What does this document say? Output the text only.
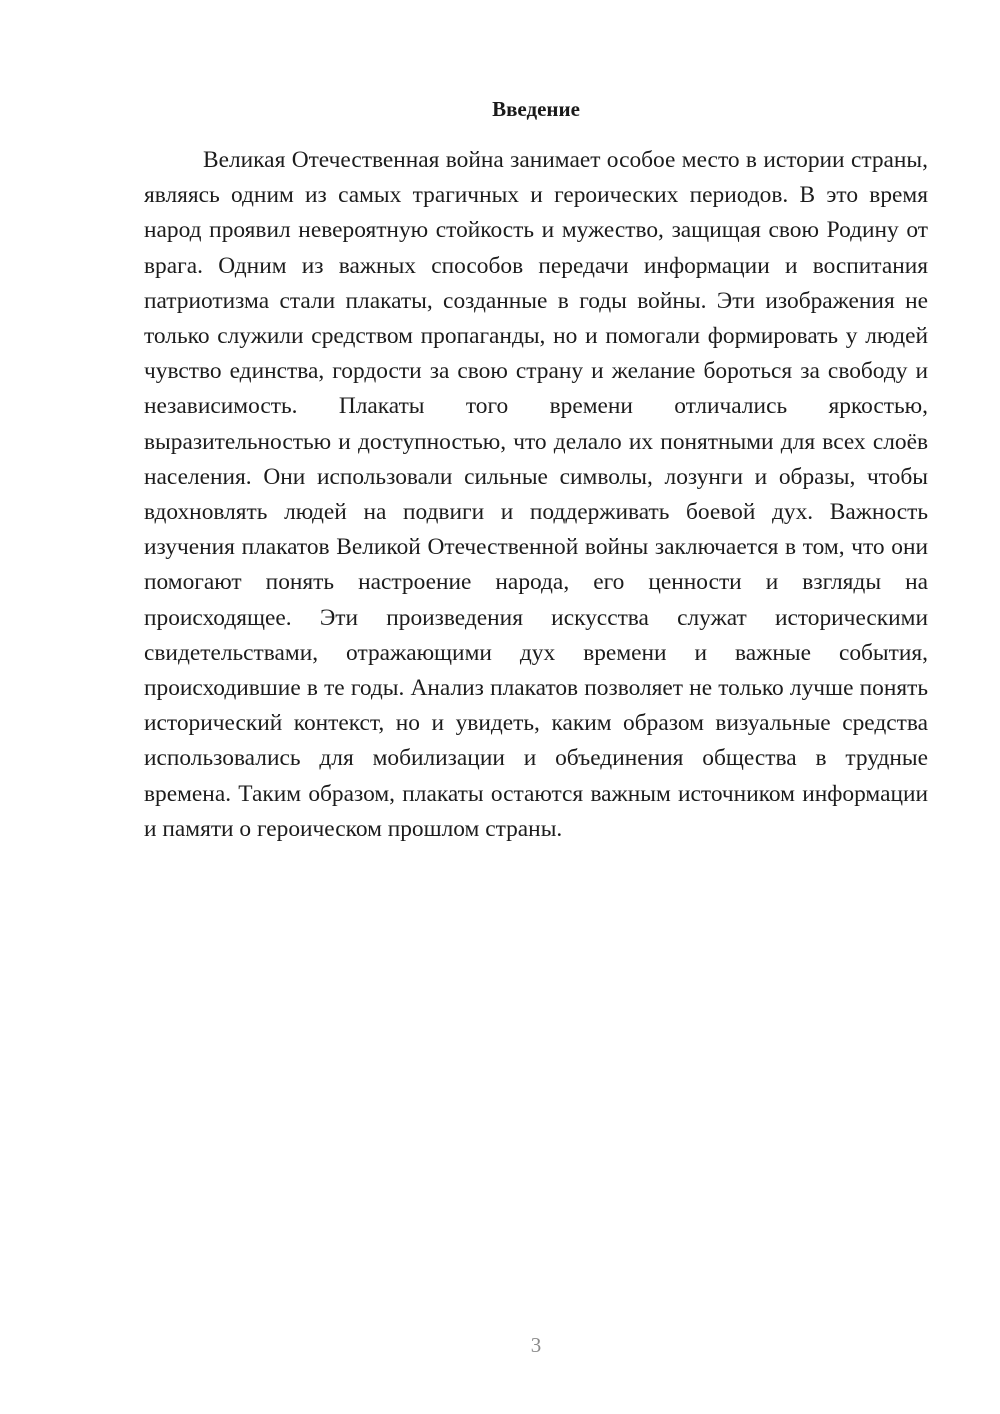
Введение

Великая Отечественная война занимает особое место в истории страны, являясь одним из самых трагичных и героических периодов. В это время народ проявил невероятную стойкость и мужество, защищая свою Родину от врага. Одним из важных способов передачи информации и воспитания патриотизма стали плакаты, созданные в годы войны. Эти изображения не только служили средством пропаганды, но и помогали формировать у людей чувство единства, гордости за свою страну и желание бороться за свободу и независимость. Плакаты того времени отличались яркостью, выразительностью и доступностью, что делало их понятными для всех слоёв населения. Они использовали сильные символы, лозунги и образы, чтобы вдохновлять людей на подвиги и поддерживать боевой дух. Важность изучения плакатов Великой Отечественной войны заключается в том, что они помогают понять настроение народа, его ценности и взгляды на происходящее. Эти произведения искусства служат историческими свидетельствами, отражающими дух времени и важные события, происходившие в те годы. Анализ плакатов позволяет не только лучше понять исторический контекст, но и увидеть, каким образом визуальные средства использовались для мобилизации и объединения общества в трудные времена. Таким образом, плакаты остаются важным источником информации и памяти о героическом прошлом страны.

3
